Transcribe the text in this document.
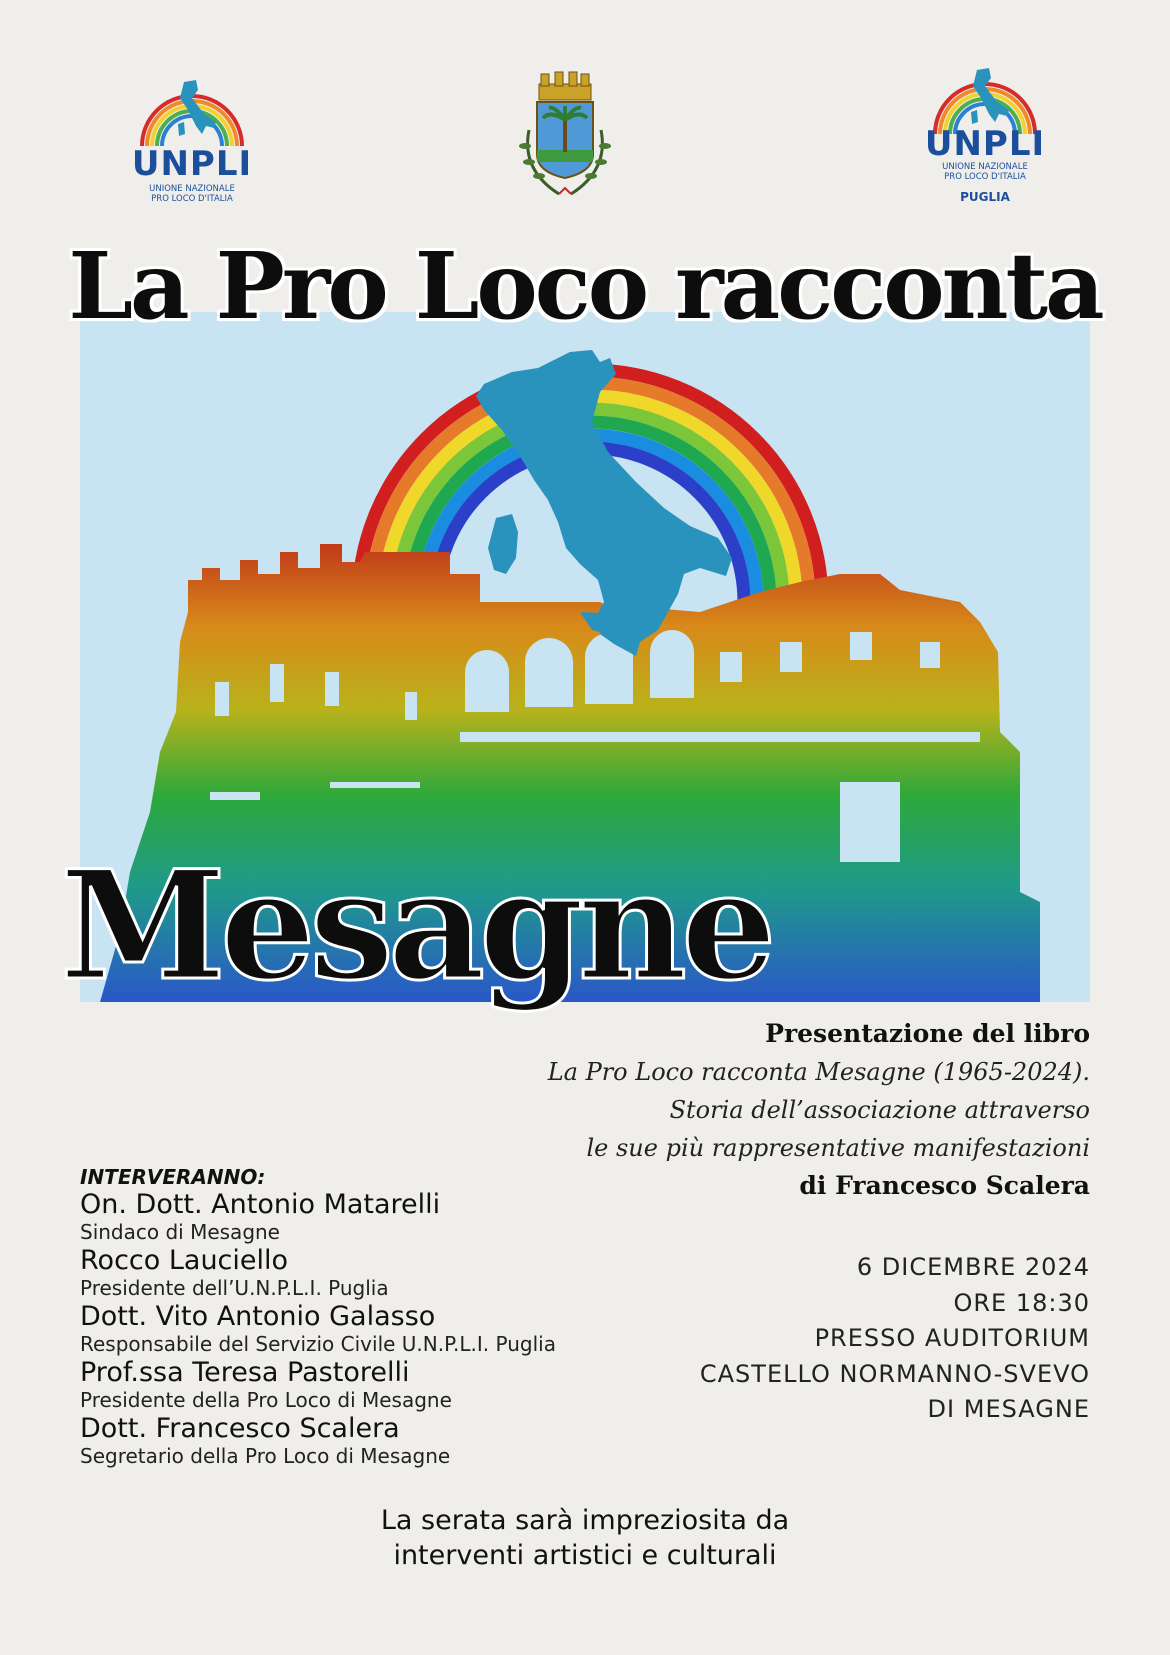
UNPLI
UNIONE NAZIONALE
PRO LOCO D'ITALIA
UNPLI
UNIONE NAZIONALE
PRO LOCO D'ITALIA
PUGLIA
La Pro Loco racconta
Mesagne
Presentazione del libro
La Pro Loco racconta Mesagne (1965-2024).
Storia dell’associazione attraverso
le sue più rappresentative manifestazioni
di Francesco Scalera
INTERVERANNO:
On. Dott. Antonio Matarelli
Sindaco di Mesagne
Rocco Lauciello
Presidente dell’U.N.P.L.I. Puglia
Dott. Vito Antonio Galasso
Responsabile del Servizio Civile U.N.P.L.I. Puglia
Prof.ssa Teresa Pastorelli
Presidente della Pro Loco di Mesagne
Dott. Francesco Scalera
Segretario della Pro Loco di Mesagne
6 DICEMBRE 2024
ORE 18:30
PRESSO AUDITORIUM
CASTELLO NORMANNO-SVEVO
DI MESAGNE
La serata sarà impreziosita da
interventi artistici e culturali
